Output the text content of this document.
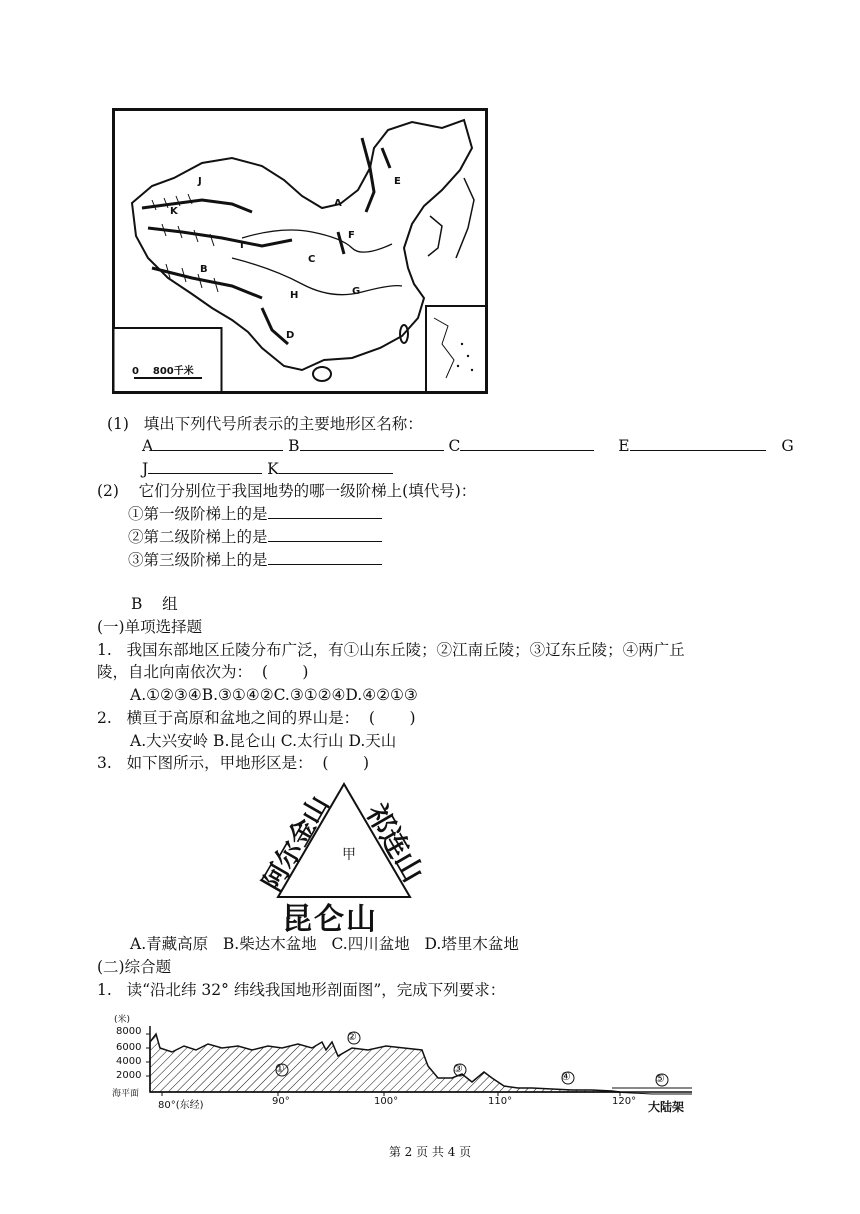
J
K
I
B
A
E
F
C
G
H
D
0    800千米
(1)   填出下列代号所表示的主要地形区名称：
A	B	C	E	G
J	K
(2)    它们分别位于我国地势的哪一级阶梯上(填代号)：
①第一级阶梯上的是
②第二级阶梯上的是
③第三级阶梯上的是
B    组
(一)单项选择题
1.   我国东部地区丘陵分布广泛，有①山东丘陵；②江南丘陵；③辽东丘陵；④两广丘
陵，自北向南依次为：  (       )
A.①②③④B.③①④②C.③①②④D.④②①③
2.   横亘于高原和盆地之间的界山是：  (       )
A.大兴安岭 B.昆仑山 C.太行山 D.天山
3.   如下图所示，甲地形区是：  (       )
阿尔金山 祁连山
昆仑山
甲
A.青藏高原   B.柴达木盆地   C.四川盆地   D.塔里木盆地
(二)综合题
1.   读“沿北纬 32° 纬线我国地形剖面图”，完成下列要求：
(米)
8000
6000
4000
2000
海平面
80°(东经)	90°	100°	110°	120°
①
②
③
④	⑤
大陆架
第 2 页 共 4 页
